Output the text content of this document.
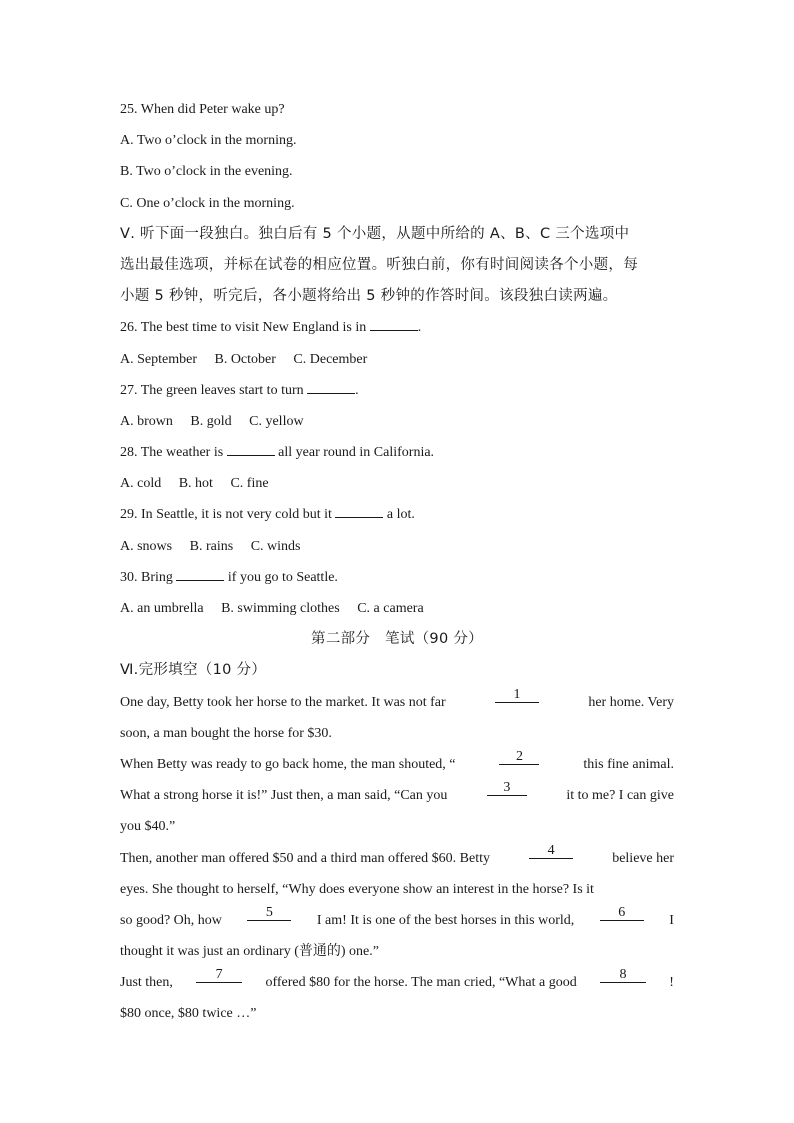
25. When did Peter wake up?
A. Two o’clock in the morning.
B. Two o’clock in the evening.
C. One o’clock in the morning.
Ⅴ. 听下面一段独白。独白后有 5 个小题，从题中所给的 A、B、C 三个选项中
选出最佳选项，并标在试卷的相应位置。听独白前，你有时间阅读各个小题，每
小题 5 秒钟，听完后，各小题将给出 5 秒钟的作答时间。该段独白读两遍。
26. The best time to visit New England is in	.
A. September B. October C. December
27. The green leaves start to turn	.
A. brown B. gold C. yellow
28. The weather is	all year round in California.
A. cold B. hot C. fine
29. In Seattle, it is not very cold but it	a lot.
A. snows B. rains C. winds
30. Bring	if you go to Seattle.
A. an umbrella B. swimming clothes C. a camera
第二部分　笔试（90 分）
Ⅵ.完形填空（10 分）
One day, Betty took her horse to the market. It was not far
1
her home. Very
soon, a man bought the horse for $30.
When Betty was ready to go back home, the man shouted, “
2
this fine animal.
What a strong horse it is!” Just then, a man said, “Can you
3
it to me? I can give
you $40.”
Then, another man offered $50 and a third man offered $60. Betty
4
believe her
eyes. She thought to herself, “Why does everyone show an interest in the horse? Is it
so good? Oh, how
5
I am! It is one of the best horses in this world,
6
I
thought it was just an ordinary (普通的) one.”
Just then,
7
offered $80 for the horse. The man cried, “What a good
8
!
$80 once, $80 twice …”
